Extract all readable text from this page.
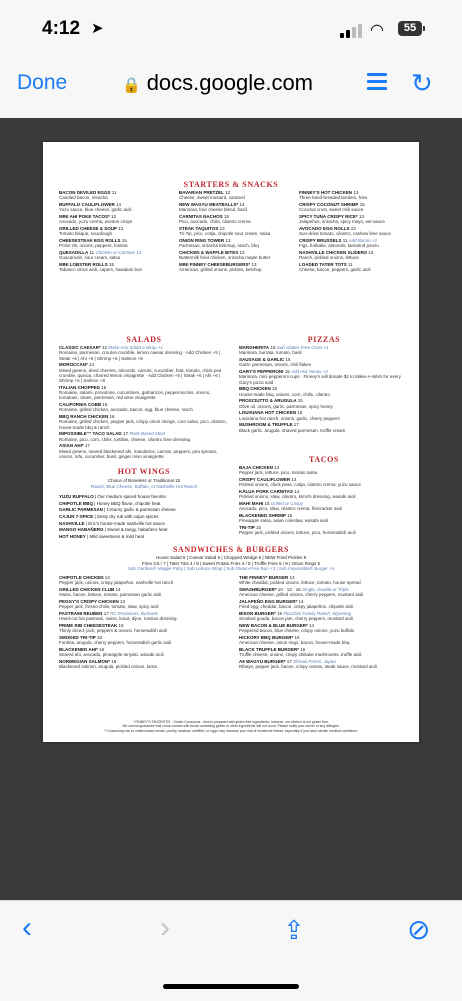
4:12 ➤	◠	55
Done	🔒 docs.google.com	↻
STARTERS & SNACKS
BACON DEVILED EGGS 11
Candied bacon, sriracha
BUFFALO CAULIFLOWER 14
Yuzu sauce, blue cheese, garlic aioli
MINI AHI POKE TACOS* 12
Avocado, yuzu crema, wonton crisps
GRILLED CHEESE & SOUP 13
Tomato bisque, sourdough
CHEESESTEAK EGG ROLLS 15
Prime rib, onions, peppers, fontina
QUESADILLA 11 Chicken or Carnitas 13
Guacamole, sour cream, salsa
MINI LOBSTER ROLLS 15
Tabasco citrus aioli, capers, hawaiian bun
BAVARIAN PRETZEL 12
Cheese, sweet mustard, caramel
NEW WAGYU MEATBALLS* 14
Marinara, four cheese blend, basil
CARNITAS NACHOS 15
Pico, avocado, chilis, cilantro crema
STEAK TAQUITOS 13
Tri-Tip, pico, cotija, chipotle sour cream, salsa
ONION RING TOWER 13
Parmesan, sriracha ketchup, ranch, bbq
CHICKEN & WAFFLE BITES 13
Buttermilk fried chicken, sriracha maple butter
MINI FINNEY CHEESEBURGERS* 13
American, grilled onions, pickles, ketchup
FINNEY'S HOT CHICKEN 13
Three hand-breaded tenders, fries
CRISPY COCONUT SHRIMP 15
Coconut crust, sweet chili sauce
SPICY TUNA CRISPY RICE* 13
Jalapeños, sriracha, spicy mayo, eel sauce
AVOCADO EGG ROLLS 13
Sun-dried tomato, cilantro, cashew lime sauce
CRISPY BRUSSELS 11 Add Bacon +2
Figs, furikake, almonds, tamarind ponzu
NASHVILLE CHICKEN SLIDERS 13
Ranch, pickled onions, lettuce
LOADED TATER TOTS 11
Cheese, bacon, peppers, garlic aioli
SALADS
CLASSIC CAESAR* 12 Make Any Salad a Wrap +1
Romaine, parmesan, crouton crumble, lemon caesar dressing · Add Chicken +5 | Steak +6 | Ahi +6 | Shrimp +6 | Salmon +8
MOROCCAN* 14
Mixed greens, dried cherries, almonds, carrots, cucumber, feta, tomato, chick pea crumble, quinoa, charred lemon vinaigrette · Add Chicken +5 | Steak +6 | Ahi +6 | Shrimp +6 | Salmon +8
ITALIAN CHOPPED 16
Romaine, salami, provolone, cucumbers, garbanzos, pepperoncinis, onions, tomatoes, olives, parmesan, red wine vinaigrette
CALIFORNIA COBB 16
Romaine, grilled chicken, avocado, bacon, egg, blue cheese, ranch
BBQ RANCH CHICKEN 16
Romaine, grilled chicken, pepper jack, crispy onion strings, corn salsa, pico, cilantro, house-made bbq & ranch
IMPOSSIBLE™ TACO SALAD 17 Plant-Based Meat
Romaine, pico, corn, chilis, tortillas, cheese, cilantro lime dressing
ASIAN AHI* 17
Mixed greens, seared blackened ahi, mandarins, carrots, peppers, pea sprouts, onions, tofu, cucumber, basil, ginger miso vinaigrette
PIZZAS
MARGHERITA 15 Sub Gluten-Free Crust +4
Marinara, burrata, tomato, basil
SAUSAGE & GARLIC 15
Garlic parmesan, onions, chili flakes
GARY'S PEPPERONI 15 Add Hot Honey +2
Marinara, mini pepperoni cups · Finney's will donate $1 to Make-A-Wish for every Gary's pizza sold
BBQ CHICKEN 15
House-made bbq, onions, corn, chilis, cilantro
PROSCIUTTO & ARUGULA 15
Olive oil, onions, garlic, parmesan, spicy honey
LOUISIANA HOT CHICKEN 15
Louisiana hot ranch, onions, garlic, cherry peppers
MUSHROOM & TRUFFLE 17
Black garlic, arugula, shaved parmesan, truffle cream
TACOS
BAJA CHICKEN 13
Pepper jack, lettuce, pico, tomato salsa
CRISPY CAULIFLOWER 14
Pickled onions, chick peas, cotija, cilantro crema, yuzu sauce
KĀLUA PORK CARNITAS 14
Pickled onions, slaw, cilantro, kimchi dressing, wasabi aioli
MAHI MAHI 15 Grilled or Crispy
Avocado, pico, slaw, cilantro crema, firecracker aioli
BLACKENED SHRIMP 15
Pineapple salsa, asian coleslaw, wasabi aioli
TRI-TIP 15
Pepper jack, pickled onions, lettuce, pico, horseradish aioli
HOT WINGS
Choice of Boneless or Traditional 15
Ranch, Blue Cheese, Buffalo, or Nashville Hot Ranch
YUZU BUFFALO | Our medium spiced house favorite
CHIPOTLE BBQ | Honey BBQ flavor, chipotle heat
GARLIC PARMESAN | Creamy garlic & parmesan cheese
CAJUN 7-SPICE | Zesty dry rub with cajun spices
NASHVILLE | Eric's house-made nashville hot sauce
MANGO HABAÑERO | Sweet & tangy, habañero heat
HOT HONEY | Mild sweetness & mild heat
SANDWICHES & BURGERS
House Salad 5 | Caesar Salad 5 | Chopped Wedge 6 | NEW Fried Pickles 9
Fries 3.5 / 7 | Tater Tots 4 / 8 | Sweet Potato Fries 4 / 8 | Truffle Fries 5 / 9 | Onion Rings 5
Sub Gardein® Veggie Patty | Sub Lettuce Wrap | Sub Gluten-Free Bun +3 | Sub Impossible® Burger +4
CHIPOTLE CHICKEN 13
Pepper jack, onions, crispy jalapeños, nashville hot ranch
GRILLED CHICKEN CLUB 14
Swiss, bacon, lettuce, tomato, parmesan garlic aioli
PEGGY'S CRISPY CHICKEN 13
Pepper jack, fresno chilis, tomato, slaw, spicy aioli
PASTRAMI REUBEN 17 RC Provisions, Burbank
Hand-cut hot pastrami, swiss, kraut, dijon, russian dressing
PRIME RIB CHEESESTEAK 15
Thinly sliced, jack, peppers & onions, horseradish aioli
SMOKED TRI-TIP 16
Fontina, arugula, cherry peppers, horseradish garlic aioli
BLACKENED AHI* 16
Seared ahi, avocado, pineapple teriyaki, wasabi aioli
NORWEGIAN SALMON* 18
Blackened salmon, arugula, pickled onions, tartar
THE FINNEY* BURGER 13
White cheddar, pickled onions, lettuce, tomato, house spread
SMASHBURGER* 10 · 13 · 16 Single, Double or Triple
American cheese, grilled onions, cherry peppers, mustard aioli
JALAPEÑO EGG BURGER* 14
Fried egg, cheddar, bacon, crispy jalapeños, chipotle aioli
BISON BURGER* 15 Flocchini Family Ranch, Wyoming
Smoked gouda, bacon jam, cherry peppers, mustard aioli
NEW BACON & BLUE BURGER* 14
Peppered bacon, blue cheese, crispy onions, yuzu buffalo
HICKORY BBQ BURGER* 15
American cheese, onion rings, bacon, house-made bbq
BLACK TRUFFLE BURGER* 16
Truffle cheese, onions, crispy shiitake mushrooms, truffle aioli
A5 WAGYU BURGER* 17 Shiraoi Farms, Japan
Ribeye, pepper jack, bacon, crispy onions, steak sauce, mustard aioli
* FINNEY'S FAVORITES · Gluten Conscious - item is prepared with gluten free ingredients; however, our kitchen is not gluten free.
We cannot guarantee that cross-contact with foods containing gluten or other ingredients will not occur. Please notify your server of any allergies.
* Consuming raw or undercooked meats, poultry, seafood, shellfish, or eggs may increase your risk of foodborne illness, especially if you have certain medical conditions.
‹	›	⇪	⊘
